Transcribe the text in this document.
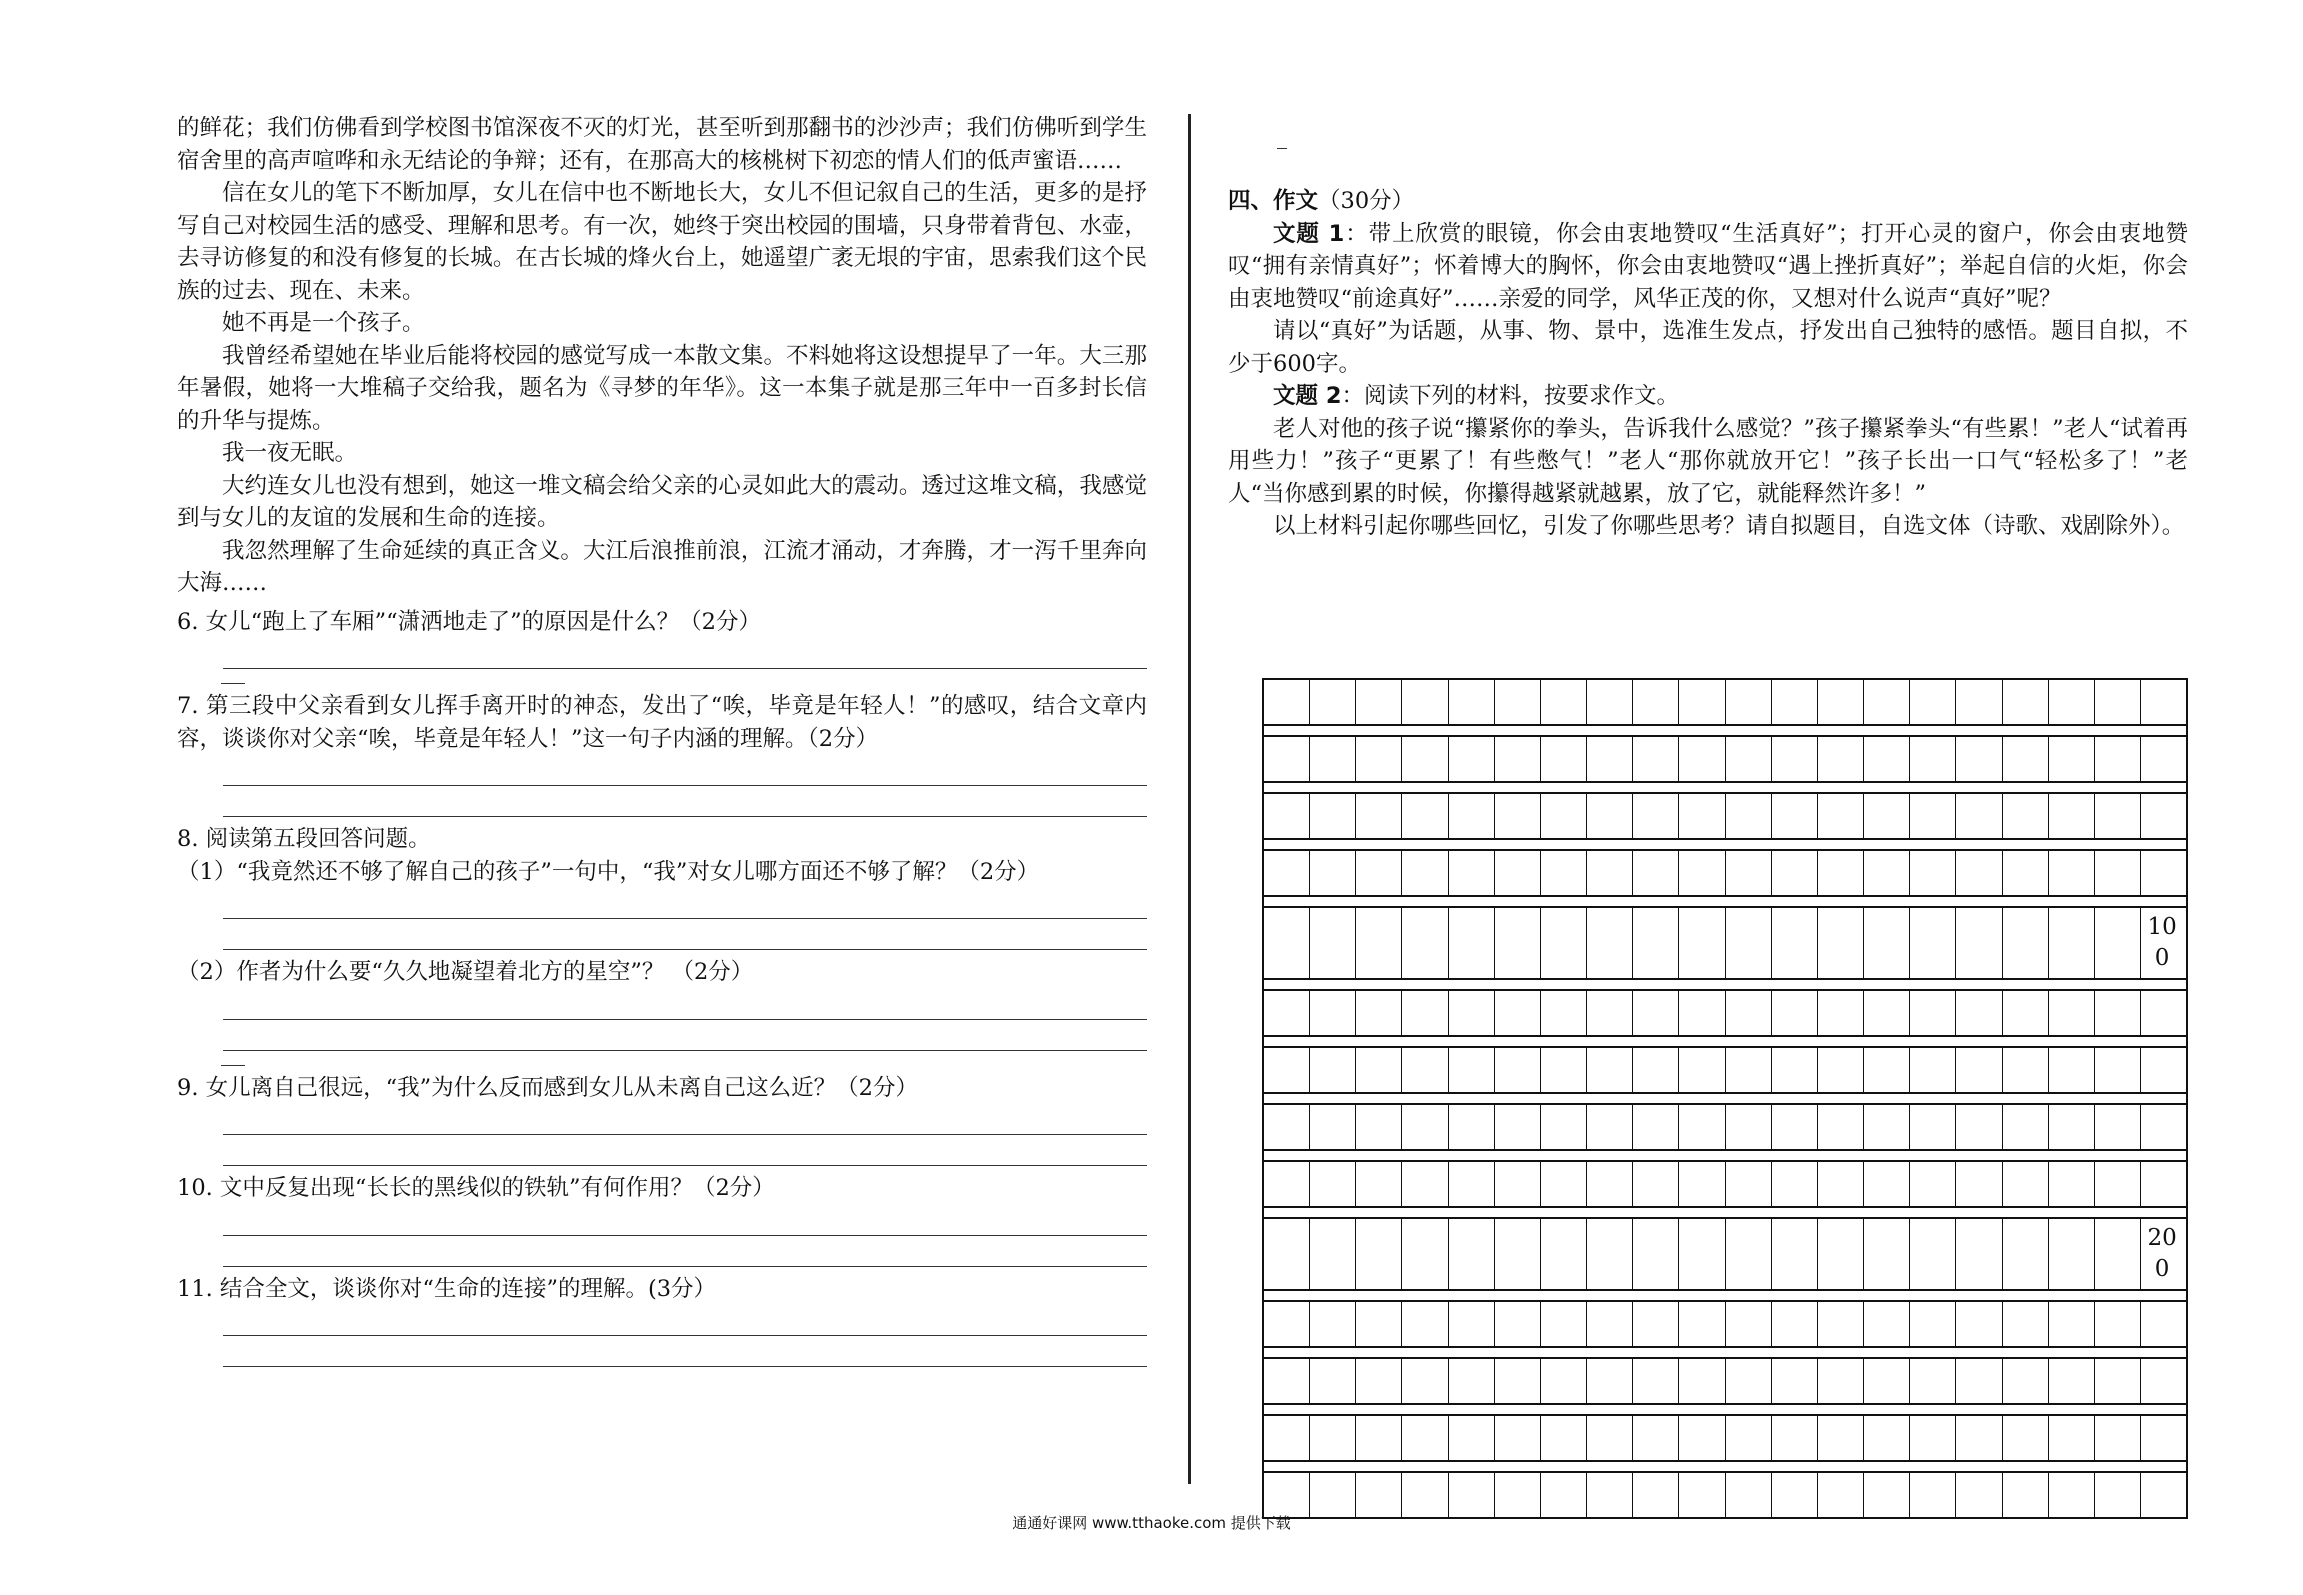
的鲜花；我们仿佛看到学校图书馆深夜不灭的灯光，甚至听到那翻书的沙沙声；我们仿佛听到学生宿舍里的高声喧哗和永无结论的争辩；还有，在那高大的核桃树下初恋的情人们的低声蜜语……

信在女儿的笔下不断加厚，女儿在信中也不断地长大，女儿不但记叙自己的生活，更多的是抒写自己对校园生活的感受、理解和思考。有一次，她终于突出校园的围墙，只身带着背包、水壶，去寻访修复的和没有修复的长城。在古长城的烽火台上，她遥望广袤无垠的宇宙，思索我们这个民族的过去、现在、未来。

她不再是一个孩子。

我曾经希望她在毕业后能将校园的感觉写成一本散文集。不料她将这设想提早了一年。大三那年暑假，她将一大堆稿子交给我，题名为《寻梦的年华》。这一本集子就是那三年中一百多封长信的升华与提炼。

我一夜无眠。

大约连女儿也没有想到，她这一堆文稿会给父亲的心灵如此大的震动。透过这堆文稿，我感觉到与女儿的友谊的发展和生命的连接。

我忽然理解了生命延续的真正含义。大江后浪推前浪，江流才涌动，才奔腾，才一泻千里奔向大海……

6. 女儿“跑上了车厢”“潇洒地走了”的原因是什么？（2分）

7. 第三段中父亲看到女儿挥手离开时的神态，发出了“唉，毕竟是年轻人！”的感叹，结合文章内容，谈谈你对父亲“唉，毕竟是年轻人！”这一句子内涵的理解。（2分）

8. 阅读第五段回答问题。

（1）“我竟然还不够了解自己的孩子”一句中，“我”对女儿哪方面还不够了解？（2分）

（2）作者为什么要“久久地凝望着北方的星空”？ （2分）

9. 女儿离自己很远，“我”为什么反而感到女儿从未离自己这么近？（2分）

10. 文中反复出现“长长的黑线似的铁轨”有何作用？（2分）

11. 结合全文，谈谈你对“生命的连接”的理解。(3分）

四、作文（30分）

文题 1：带上欣赏的眼镜，你会由衷地赞叹“生活真好”；打开心灵的窗户，你会由衷地赞叹“拥有亲情真好”；怀着博大的胸怀，你会由衷地赞叹“遇上挫折真好”；举起自信的火炬，你会由衷地赞叹“前途真好”……亲爱的同学，风华正茂的你，又想对什么说声“真好”呢？

请以“真好”为话题，从事、物、景中，选准生发点，抒发出自己独特的感悟。题目自拟，不少于600字。

文题 2：阅读下列的材料，按要求作文。

老人对他的孩子说“攥紧你的拳头，告诉我什么感觉？”孩子攥紧拳头“有些累！”老人“试着再用些力！”孩子“更累了！有些憋气！”老人“那你就放开它！”孩子长出一口气“轻松多了！”老人“当你感到累的时候，你攥得越紧就越累，放了它，就能释然许多！”

以上材料引起你哪些回忆，引发了你哪些思考？请自拟题目，自选文体（诗歌、戏剧除外）。

10
0
20
0
通通好课网 www.tthaoke.com 提供下载
